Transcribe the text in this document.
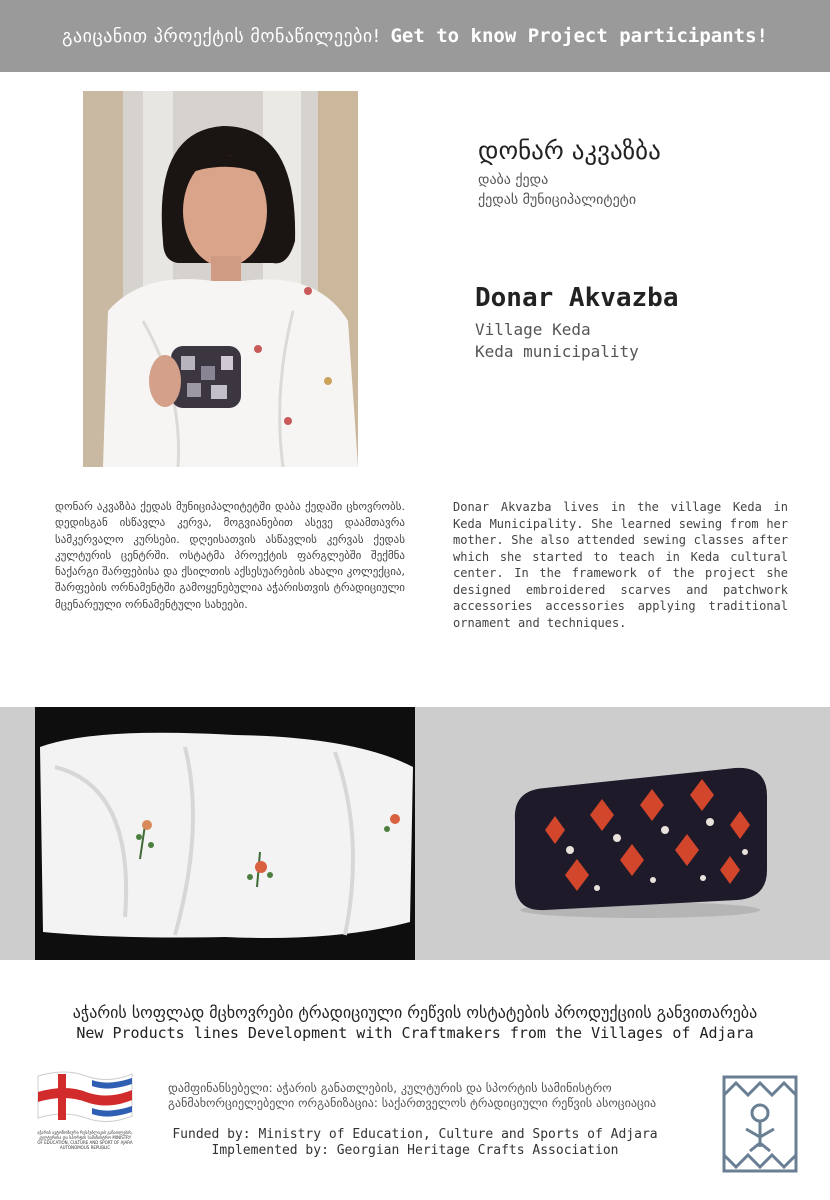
გაიცანით პროექტის მონაწილეები! Get to know Project participants!
დონარ აკვაზბა
დაბა ქედა
ქედას მუნიციპალიტეტი
Donar Akvazba
Village Keda
Keda municipality
დონარ აკვაზბა ქედას მუნიციპალიტეტში დაბა ქედაში ცხოვრობს. დედისგან ისწავლა კერვა, მოგვიანებით ასევე დაამთავრა სამკერვალო კურსები. დღეისათვის ასწავლის კერვას ქედას კულტურის ცენტრში. ოსტატმა პროექტის ფარგლებში შექმნა ნაქარგი შარფებისა და ქსილთის აქსესუარების ახალი კოლექცია, შარფების ორნამენტში გამოყენებულია აჭარისთვის ტრადიციული მცენარეული ორნამენტული სახეები.
Donar Akvazba lives in the village Keda in Keda Municipality. She learned sewing from her mother. She also attended sewing classes after which she started to teach in Keda cultural center. In the framework of the project she designed embroidered scarves and patchwork accessories accessories applying traditional ornament and techniques.
აჭარის სოფლად მცხოვრები ტრადიციული რეწვის ოსტატების პროდუქციის განვითარება
New Products lines Development with Craftmakers from the Villages of Adjara
აჭარის ავტონომიური რესპუბლიკის განათლების, კულტურისა და სპორტის სამინისტრო MINISTRY OF EDUCATION, CULTURE AND SPORT OF AJARA AUTONOMOUS REPUBLIC
დამფინანსებელი: აჭარის განათლების, კულტურის და სპორტის სამინისტრო
განმახორციელებელი ორგანიზაცია: საქართველოს ტრადიციული რეწვის ასოციაცია
Funded by: Ministry of Education, Culture and Sports of Adjara
Implemented by: Georgian Heritage Crafts Association
